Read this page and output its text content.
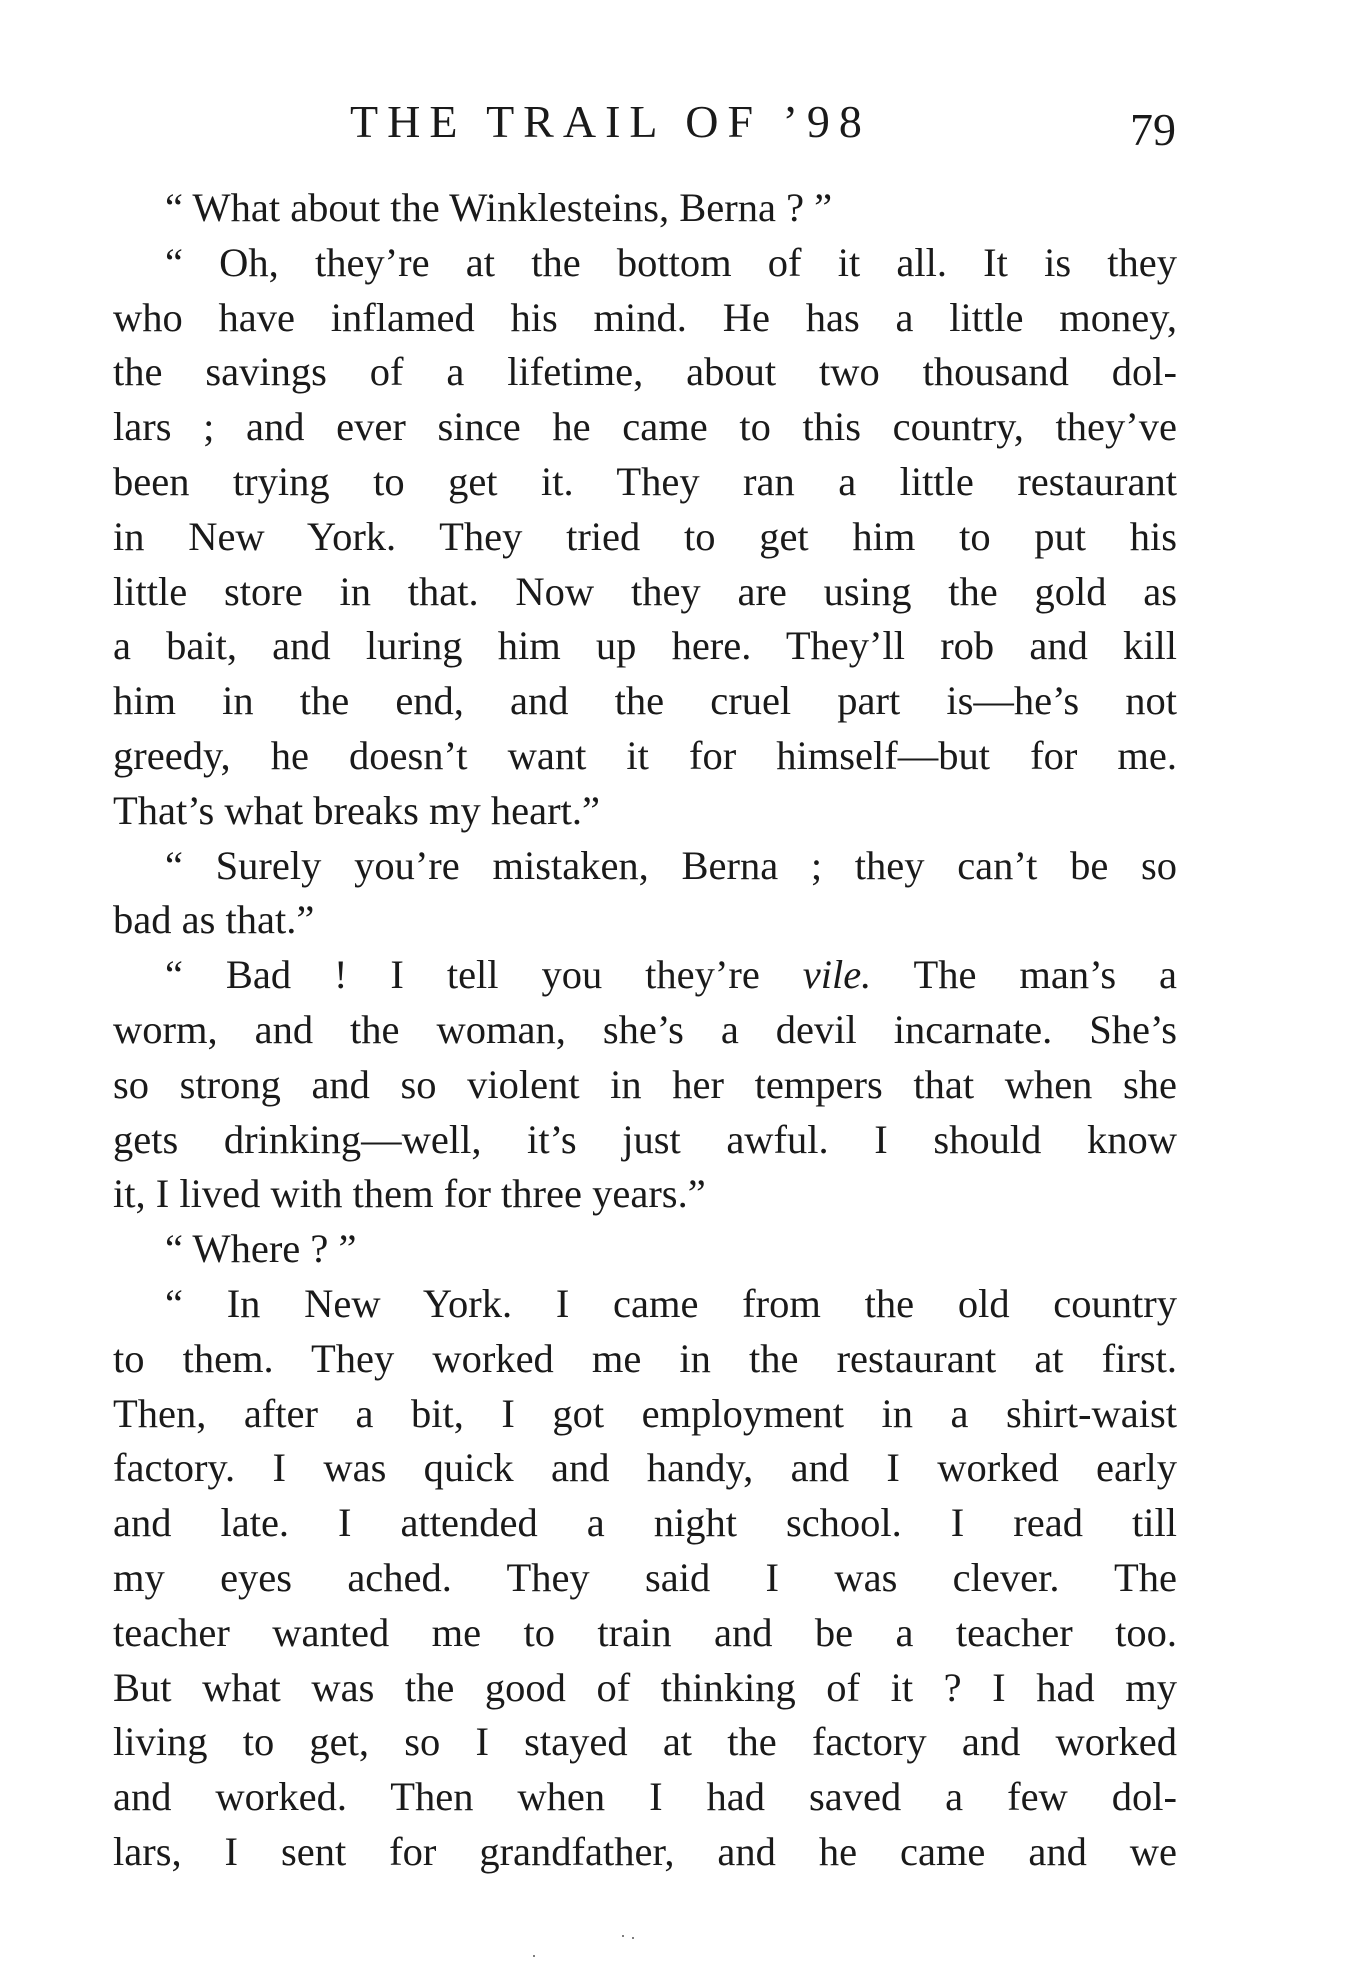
THE TRAIL OF ’98	79
“ What about the Winklesteins, Berna ? ”
“ Oh, they’re at the bottom of it all. It is they
who have inflamed his mind. He has a little money,
the savings of a lifetime, about two thousand dol-
lars ; and ever since he came to this country, they’ve
been trying to get it. They ran a little restaurant
in New York. They tried to get him to put his
little store in that. Now they are using the gold as
a bait, and luring him up here. They’ll rob and kill
him in the end, and the cruel part is—he’s not
greedy, he doesn’t want it for himself—but for me.
That’s what breaks my heart.”
“ Surely you’re mistaken, Berna ; they can’t be so
bad as that.”
“ Bad ! I tell you they’re vile. The man’s a
worm, and the woman, she’s a devil incarnate. She’s
so strong and so violent in her tempers that when she
gets drinking—well, it’s just awful. I should know
it, I lived with them for three years.”
“ Where ? ”
“ In New York. I came from the old country
to them. They worked me in the restaurant at first.
Then, after a bit, I got employment in a shirt-waist
factory. I was quick and handy, and I worked early
and late. I attended a night school. I read till
my eyes ached. They said I was clever. The
teacher wanted me to train and be a teacher too.
But what was the good of thinking of it ? I had my
living to get, so I stayed at the factory and worked
and worked. Then when I had saved a few dol-
lars, I sent for grandfather, and he came and we
